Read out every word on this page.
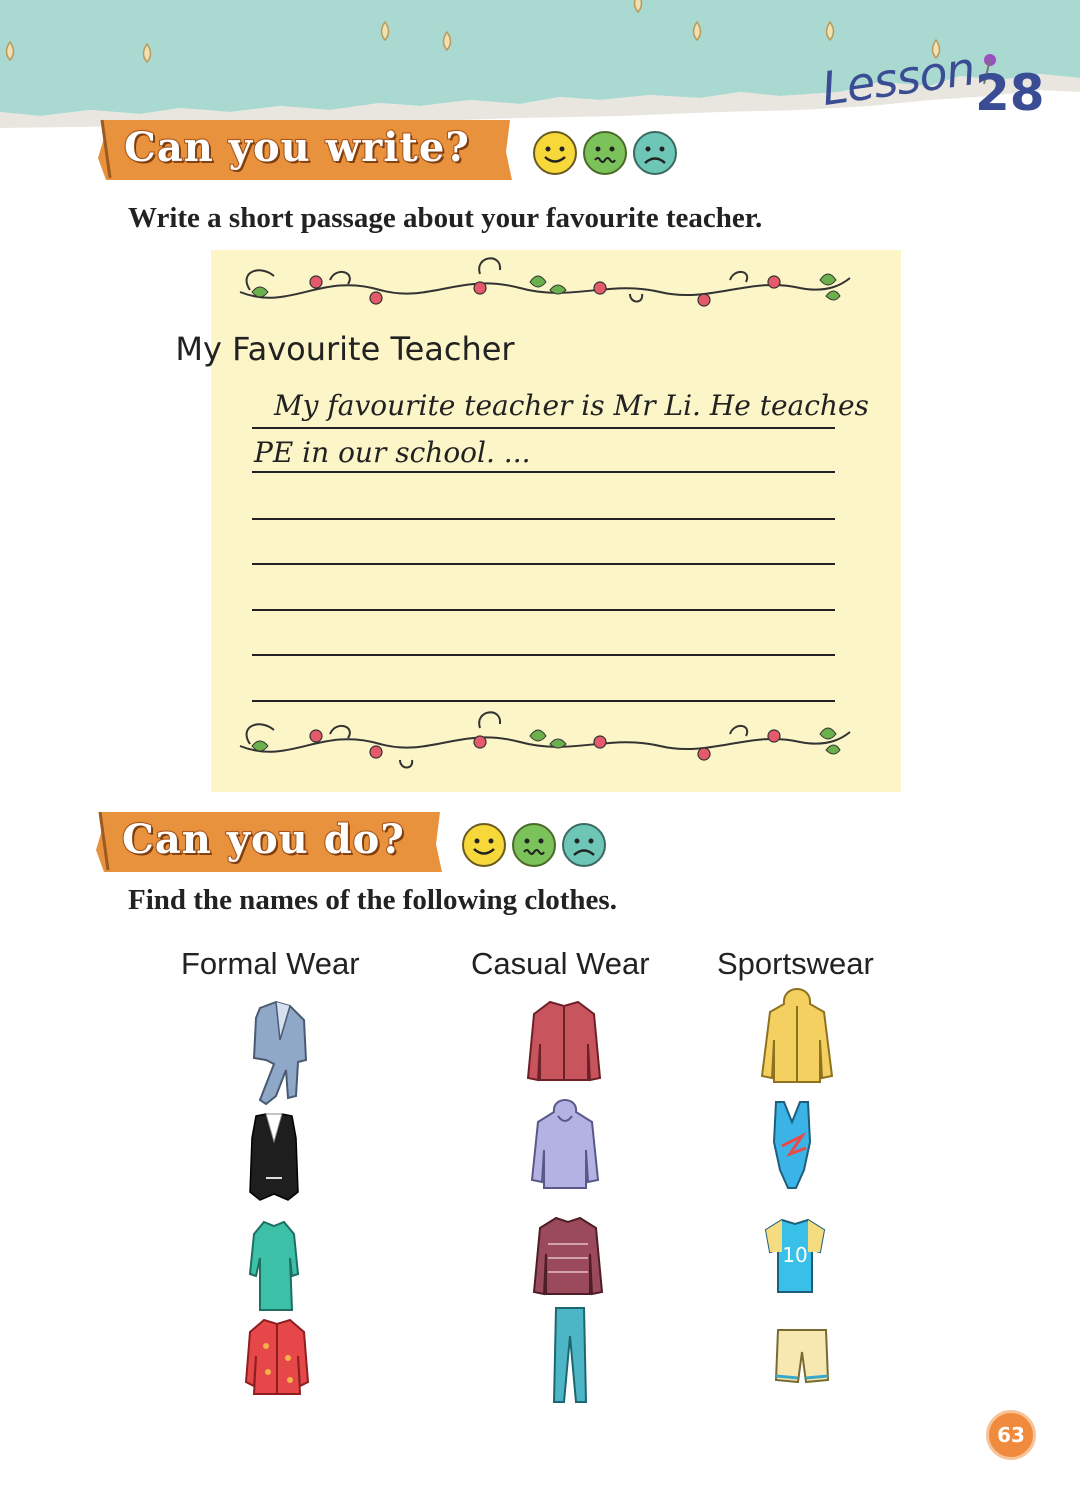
Lesson
28
Can you write?
Write a short passage about your favourite teacher.
My Favourite Teacher
My favourite teacher is Mr Li. He teaches
PE in our school. ...
Can you do?
Find the names of the following clothes.
Formal Wear	Casual Wear Sportswear
10
63
